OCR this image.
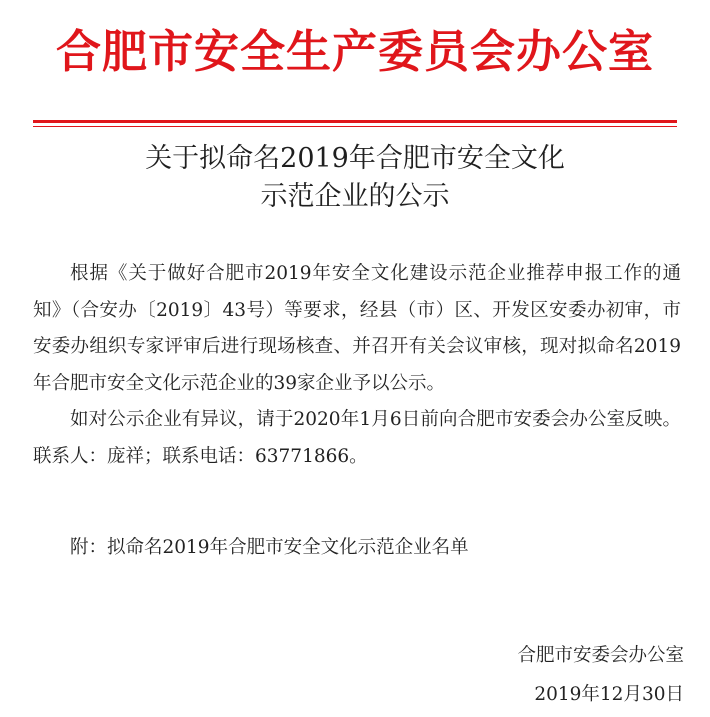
合肥市安全生产委员会办公室
关于拟命名2019年合肥市安全文化
示范企业的公示

根据《关于做好合肥市2019年安全文化建设示范企业推荐申报工作的通知》（合安办〔2019〕43号）等要求，经县（市）区、开发区安委办初审，市安委办组织专家评审后进行现场核查、并召开有关会议审核，现对拟命名2019年合肥市安全文化示范企业的39家企业予以公示。

如对公示企业有异议，请于2020年1月6日前向合肥市安委会办公室反映。联系人：庞祥；联系电话：63771866。

附：拟命名2019年合肥市安全文化示范企业名单
合肥市安委会办公室
2019年12月30日
